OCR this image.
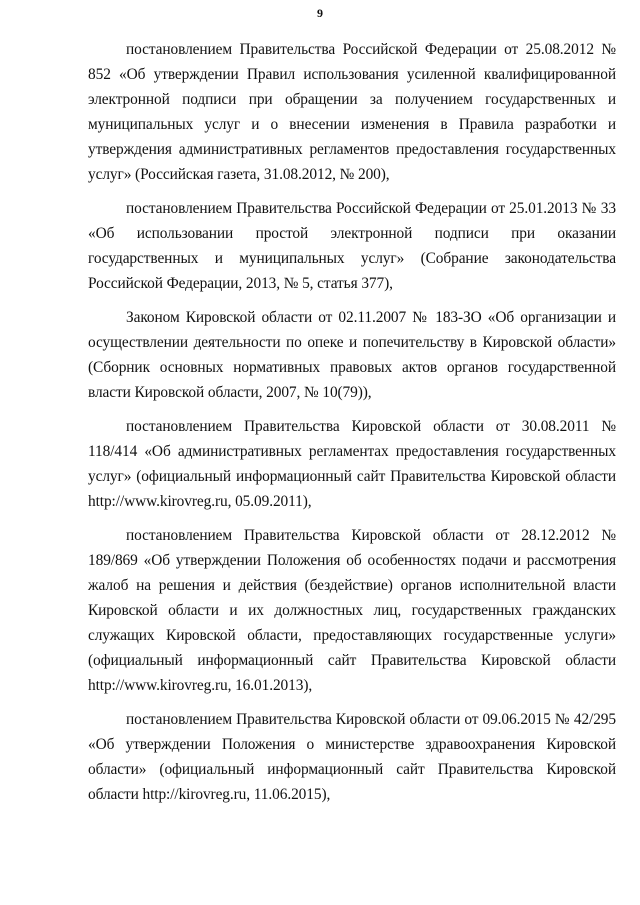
9

постановлением Правительства Российской Федерации от 25.08.2012 № 852 «Об утверждении Правил использования усиленной квалифицированной электронной подписи при обращении за получением государственных и муниципальных услуг и о внесении изменения в Правила разработки и утверждения административных регламентов предоставления государственных услуг» (Российская газета, 31.08.2012, № 200),

постановлением Правительства Российской Федерации от 25.01.2013 № 33 «Об использовании простой электронной подписи при оказании государственных и муниципальных услуг» (Собрание законодательства Российской Федерации, 2013, № 5, статья 377),

Законом Кировской области от 02.11.2007 № 183-ЗО «Об организации и осуществлении деятельности по опеке и попечительству в Кировской области» (Сборник основных нормативных правовых актов органов государственной власти Кировской области, 2007, № 10(79)),

постановлением Правительства Кировской области от 30.08.2011 № 118/414 «Об административных регламентах предоставления государственных услуг» (официальный информационный сайт Правительства Кировской области http://www.kirovreg.ru, 05.09.2011),

постановлением Правительства Кировской области от 28.12.2012 № 189/869 «Об утверждении Положения об особенностях подачи и рассмотрения жалоб на решения и действия (бездействие) органов исполнительной власти Кировской области и их должностных лиц, государственных гражданских служащих Кировской области, предоставляющих государственные услуги» (официальный информационный сайт Правительства Кировской области http://www.kirovreg.ru, 16.01.2013),

постановлением Правительства Кировской области от 09.06.2015 № 42/295 «Об утверждении Положения о министерстве здравоохранения Кировской области» (официальный информационный сайт Правительства Кировской области http://kirovreg.ru, 11.06.2015),
